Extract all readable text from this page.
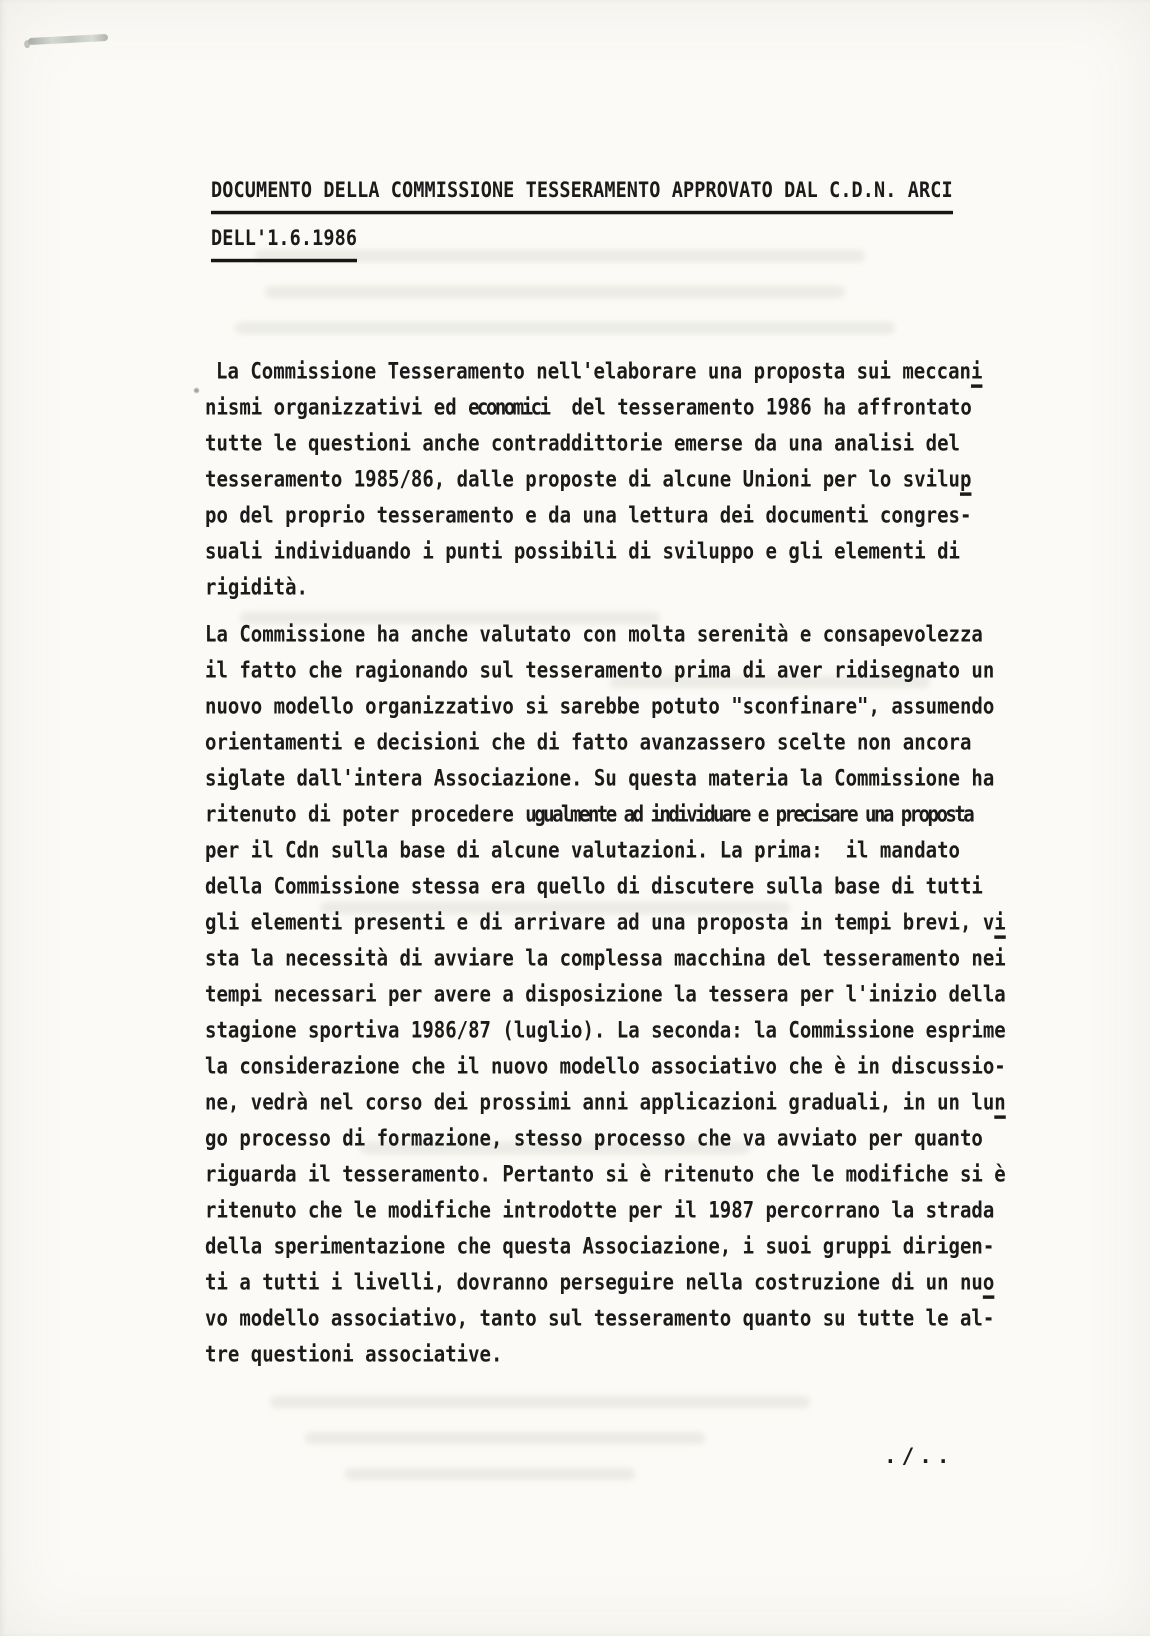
DOCUMENTO DELLA COMMISSIONE TESSERAMENTO APPROVATO DAL C.D.N. ARCI
DELL'1.6.1986
La Commissione Tesseramento nell'elaborare una proposta sui meccani
nismi organizzativi ed economici  del tesseramento 1986 ha affrontato
tutte le questioni anche contraddittorie emerse da una analisi del
tesseramento 1985/86, dalle proposte di alcune Unioni per lo svilup
po del proprio tesseramento e da una lettura dei documenti congres-
suali individuando i punti possibili di sviluppo e gli elementi di
rigidità.
La Commissione ha anche valutato con molta serenità e consapevolezza
il fatto che ragionando sul tesseramento prima di aver ridisegnato un
nuovo modello organizzativo si sarebbe potuto "sconfinare", assumendo
orientamenti e decisioni che di fatto avanzassero scelte non ancora
siglate dall'intera Associazione. Su questa materia la Commissione ha
ritenuto di poter procedere ugualmente ad individuare e precisare una proposta
per il Cdn sulla base di alcune valutazioni. La prima:  il mandato
della Commissione stessa era quello di discutere sulla base di tutti
gli elementi presenti e di arrivare ad una proposta in tempi brevi, vi
sta la necessità di avviare la complessa macchina del tesseramento nei
tempi necessari per avere a disposizione la tessera per l'inizio della
stagione sportiva 1986/87 (luglio). La seconda: la Commissione esprime
la considerazione che il nuovo modello associativo che è in discussio-
ne, vedrà nel corso dei prossimi anni applicazioni graduali, in un lun
go processo di formazione, stesso processo che va avviato per quanto
riguarda il tesseramento. Pertanto si è ritenuto che le modifiche si è
ritenuto che le modifiche introdotte per il 1987 percorrano la strada
della sperimentazione che questa Associazione, i suoi gruppi dirigen-
ti a tutti i livelli, dovranno perseguire nella costruzione di un nuo
vo modello associativo, tanto sul tesseramento quanto su tutte le al-
tre questioni associative.
./..
